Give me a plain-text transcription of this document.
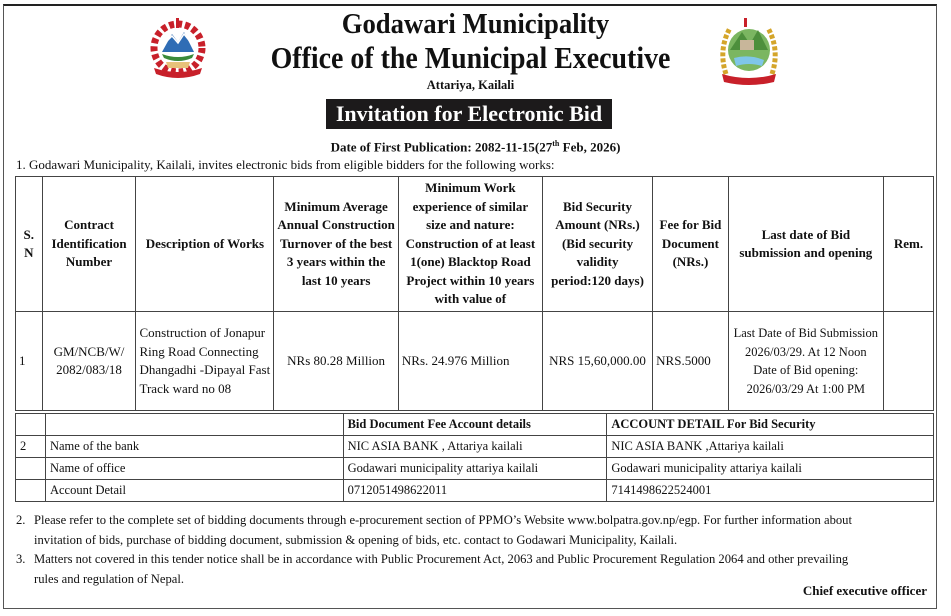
Godawari Municipality
Office of the Municipal Executive
Attariya, Kailali
Invitation for Electronic Bid
Date of First Publication: 2082-11-15(27th Feb, 2026)
1. Godawari Municipality, Kailali, invites electronic bids from eligible bidders for the following works:
S. N	Contract Identification Number	Description of Works	Minimum Average Annual Construction Turnover of the best 3 years within the last 10 years	Minimum Work experience of similar size and nature: Construction of at least 1(one) Blacktop Road Project within 10 years with value of	Bid Security Amount (NRs.) (Bid security validity period:120 days)	Fee for Bid Document (NRs.)	Last date of Bid submission and opening	Rem.
1	GM/NCB/W/ 2082/083/18	Construction of Jonapur Ring Road Connecting Dhangadhi -Dipayal Fast Track ward no 08	NRs 80.28 Million	NRs. 24.976 Million	NRS 15,60,000.00	NRS.5000	Last Date of Bid Submission
2026/03/29. At 12 Noon
Date of Bid opening:
2026/03/29 At 1:00 PM	

		Bid Document Fee Account details	ACCOUNT DETAIL For Bid Security
2	Name of the bank	NIC ASIA BANK , Attariya kailali	NIC ASIA BANK ,Attariya kailali
	Name of office	Godawari municipality attariya kailali	Godawari municipality attariya kailali
	Account Detail	0712051498622011	7141498622524001
2. Please refer to the complete set of bidding documents through e-procurement section of PPMO’s Website www.bolpatra.gov.np/egp. For further information about
invitation of bids, purchase of bidding document, submission & opening of bids, etc. contact to Godawari Municipality, Kailali.
3. Matters not covered in this tender notice shall be in accordance with Public Procurement Act, 2063 and Public Procurement Regulation 2064 and other prevailing
rules and regulation of Nepal.
Chief executive officer
